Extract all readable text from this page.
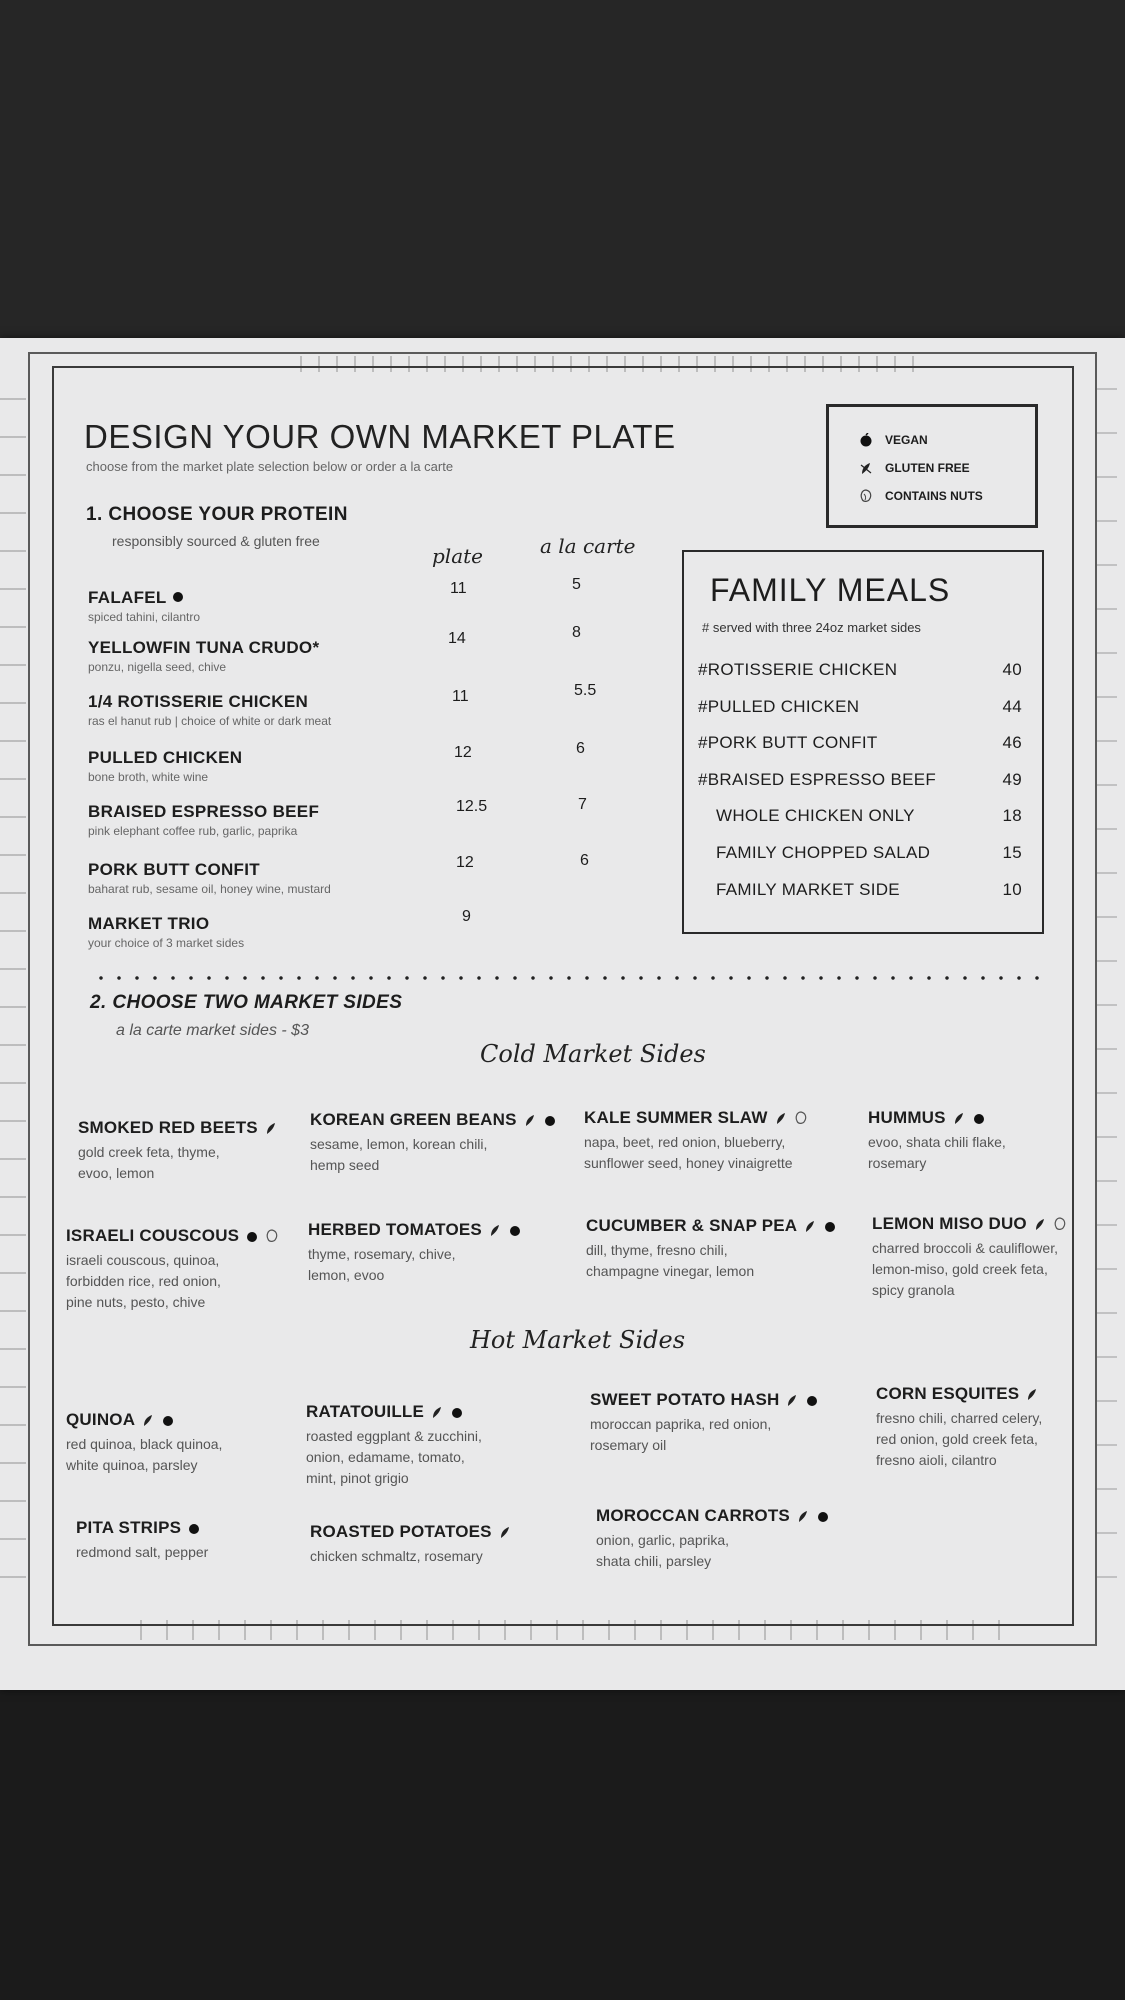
DESIGN YOUR OWN MARKET PLATE
choose from the market plate selection below or order a la carte
VEGAN
GLUTEN FREE
CONTAINS NUTS
1. CHOOSE YOUR PROTEIN
responsibly sourced & gluten free
plate	a la carte
FALAFEL
spiced tahini, cilantro
11	5
YELLOWFIN TUNA CRUDO*
ponzu, nigella seed, chive
14	8
1/4 ROTISSERIE CHICKEN
ras el hanut rub | choice of white or dark meat
11	5.5
PULLED CHICKEN
bone broth, white wine
12	6
BRAISED ESPRESSO BEEF
pink elephant coffee rub, garlic, paprika
12.5	7
PORK BUTT CONFIT
baharat rub, sesame oil, honey wine, mustard
12	6
MARKET TRIO
your choice of 3 market sides
9
FAMILY MEALS
# served with three 24oz market sides
#ROTISSERIE CHICKEN	40
#PULLED CHICKEN	44
#PORK BUTT CONFIT	46
#BRAISED ESPRESSO BEEF	49
WHOLE CHICKEN ONLY	18
FAMILY CHOPPED SALAD	15
FAMILY MARKET SIDE	10
2. CHOOSE TWO MARKET SIDES
a la carte market sides - $3
Cold Market Sides
SMOKED RED BEETS
gold creek feta, thyme,
evoo, lemon
KOREAN GREEN BEANS
sesame, lemon, korean chili,
hemp seed
KALE SUMMER SLAW
napa, beet, red onion, blueberry,
sunflower seed, honey vinaigrette
HUMMUS
evoo, shata chili flake,
rosemary
ISRAELI COUSCOUS
israeli couscous, quinoa,
forbidden rice, red onion,
pine nuts, pesto, chive
HERBED TOMATOES
thyme, rosemary, chive,
lemon, evoo
CUCUMBER & SNAP PEA
dill, thyme, fresno chili,
champagne vinegar, lemon
LEMON MISO DUO
charred broccoli & cauliflower,
lemon-miso, gold creek feta,
spicy granola
Hot Market Sides
QUINOA
red quinoa, black quinoa,
white quinoa, parsley
RATATOUILLE
roasted eggplant & zucchini,
onion, edamame, tomato,
mint, pinot grigio
SWEET POTATO HASH
moroccan paprika, red onion,
rosemary oil
CORN ESQUITES
fresno chili, charred celery,
red onion, gold creek feta,
fresno aioli, cilantro
PITA STRIPS
redmond salt, pepper
ROASTED POTATOES
chicken schmaltz, rosemary
MOROCCAN CARROTS
onion, garlic, paprika,
shata chili, parsley
